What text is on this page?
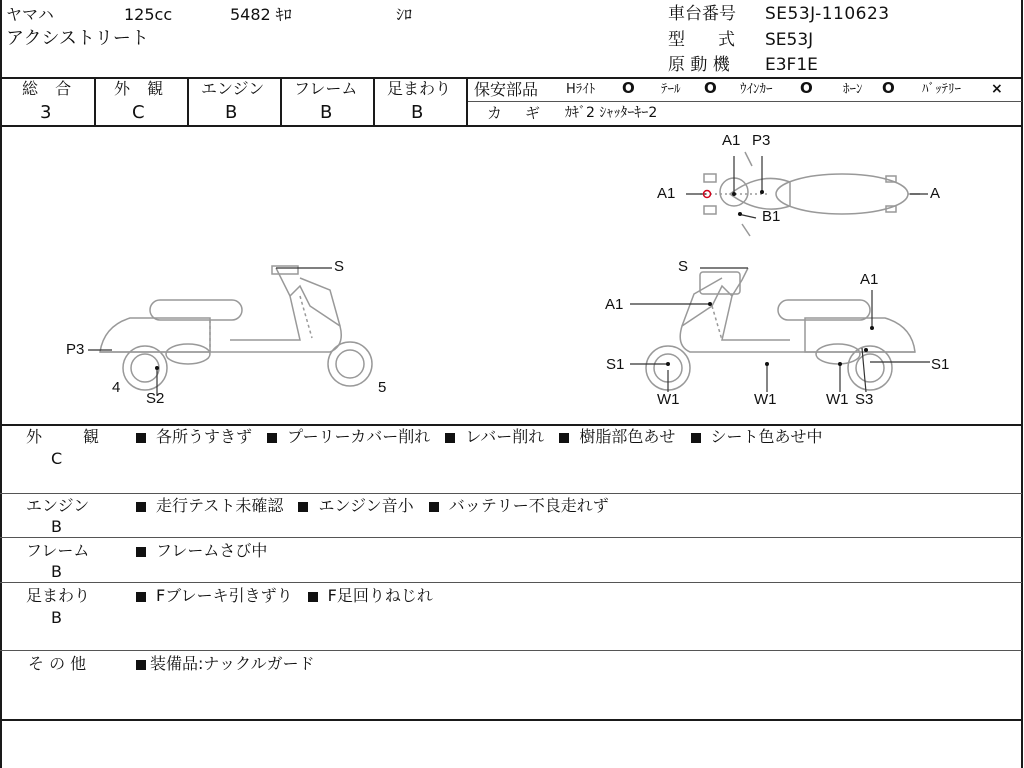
ヤマハ	125cc	5482 ｷﾛ	ｼﾛ
アクシストリート
車台番号 SE53J-110623
型　式 SE53J
原 動 機 E3F1E
総 合
3
外 観
C
エンジン
B
フレーム
B
足まわり
B
保安部品 Hﾗｲﾄ O ﾃｰﾙ O ｳｲﾝｶｰ O ﾎｰﾝ O ﾊﾞｯﾃﾘｰ ×
カ　ギ ｶｷﾞ2 ｼｬｯﾀｰｷｰ2
A1 P3
A1	A
B1
S
P3
4
S2
5
S
A1
A1
S1	S1
W1	W1	W1 S3
外　　観
C
各所うすきず プーリーカバー削れ レバー削れ 樹脂部色あせ シート色あせ中
エンジン
B
走行テスト未確認 エンジン音小 バッテリー不良走れず
フレーム
B
フレームさび中
足まわり
B
Fブレーキ引きずり F足回りねじれ
そ の 他	装備品:ナックルガード
